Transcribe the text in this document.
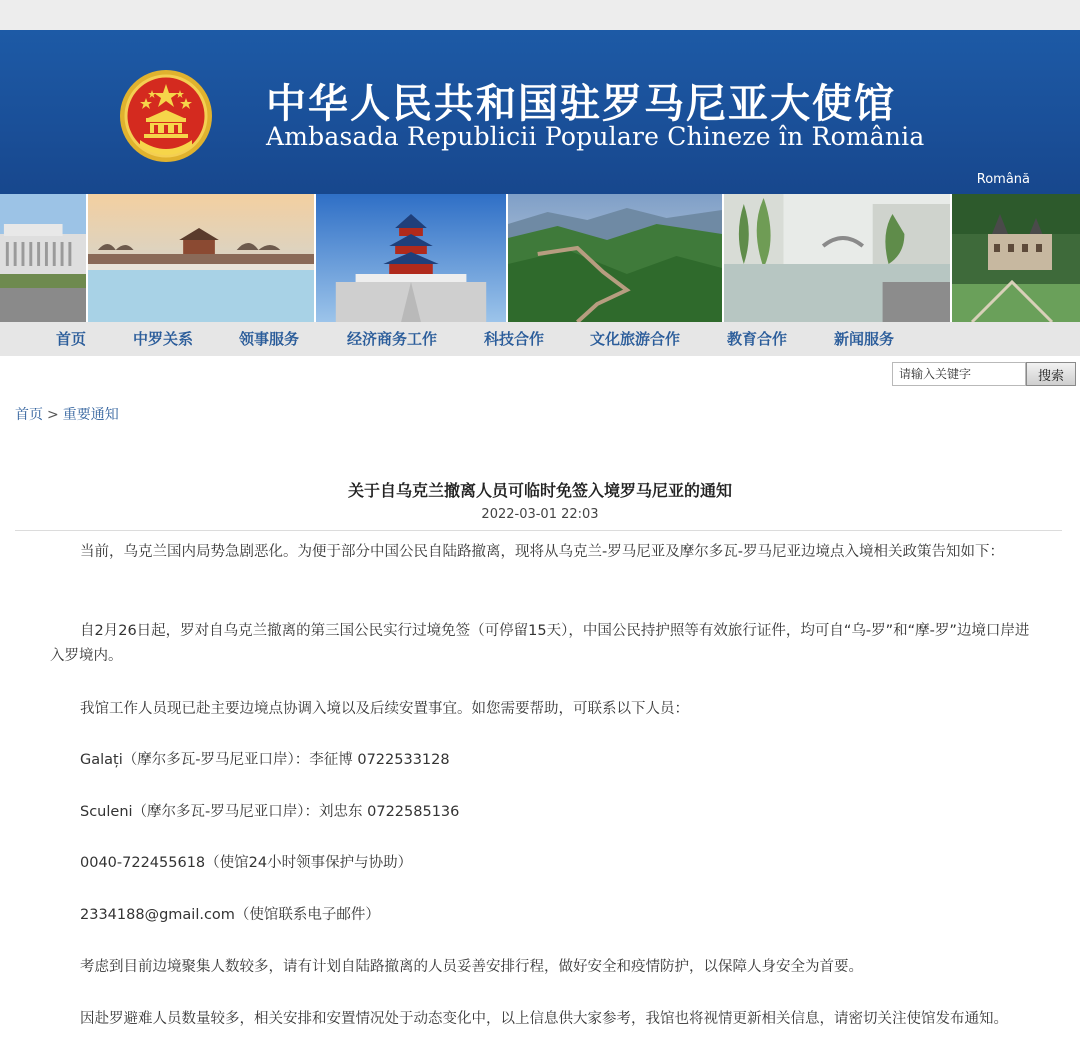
中华人民共和国驻罗马尼亚大使馆
Ambasada Republicii Populare Chineze în România
Română
首页	中罗关系	领事服务	经济商务工作	科技合作	文化旅游合作	教育合作	新闻服务
请输入关键字
搜索
首页 > 重要通知
关于自乌克兰撤离人员可临时免签入境罗马尼亚的通知
2022-03-01 22:03

当前，乌克兰国内局势急剧恶化。为便于部分中国公民自陆路撤离，现将从乌克兰-罗马尼亚及摩尔多瓦-罗马尼亚边境点入境相关政策告知如下：

自2月26日起，罗对自乌克兰撤离的第三国公民实行过境免签（可停留15天），中国公民持护照等有效旅行证件，均可自“乌-罗”和“摩-罗”边境口岸进入罗境内。

我馆工作人员现已赴主要边境点协调入境以及后续安置事宜。如您需要帮助，可联系以下人员：

Galați（摩尔多瓦-罗马尼亚口岸）：李征博 0722533128

Sculeni（摩尔多瓦-罗马尼亚口岸）：刘忠东 0722585136

0040-722455618（使馆24小时领事保护与协助）

2334188@gmail.com（使馆联系电子邮件）

考虑到目前边境聚集人数较多，请有计划自陆路撤离的人员妥善安排行程，做好安全和疫情防护，以保障人身安全为首要。

因赴罗避难人员数量较多，相关安排和安置情况处于动态变化中，以上信息供大家参考，我馆也将视情更新相关信息，请密切关注使馆发布通知。
